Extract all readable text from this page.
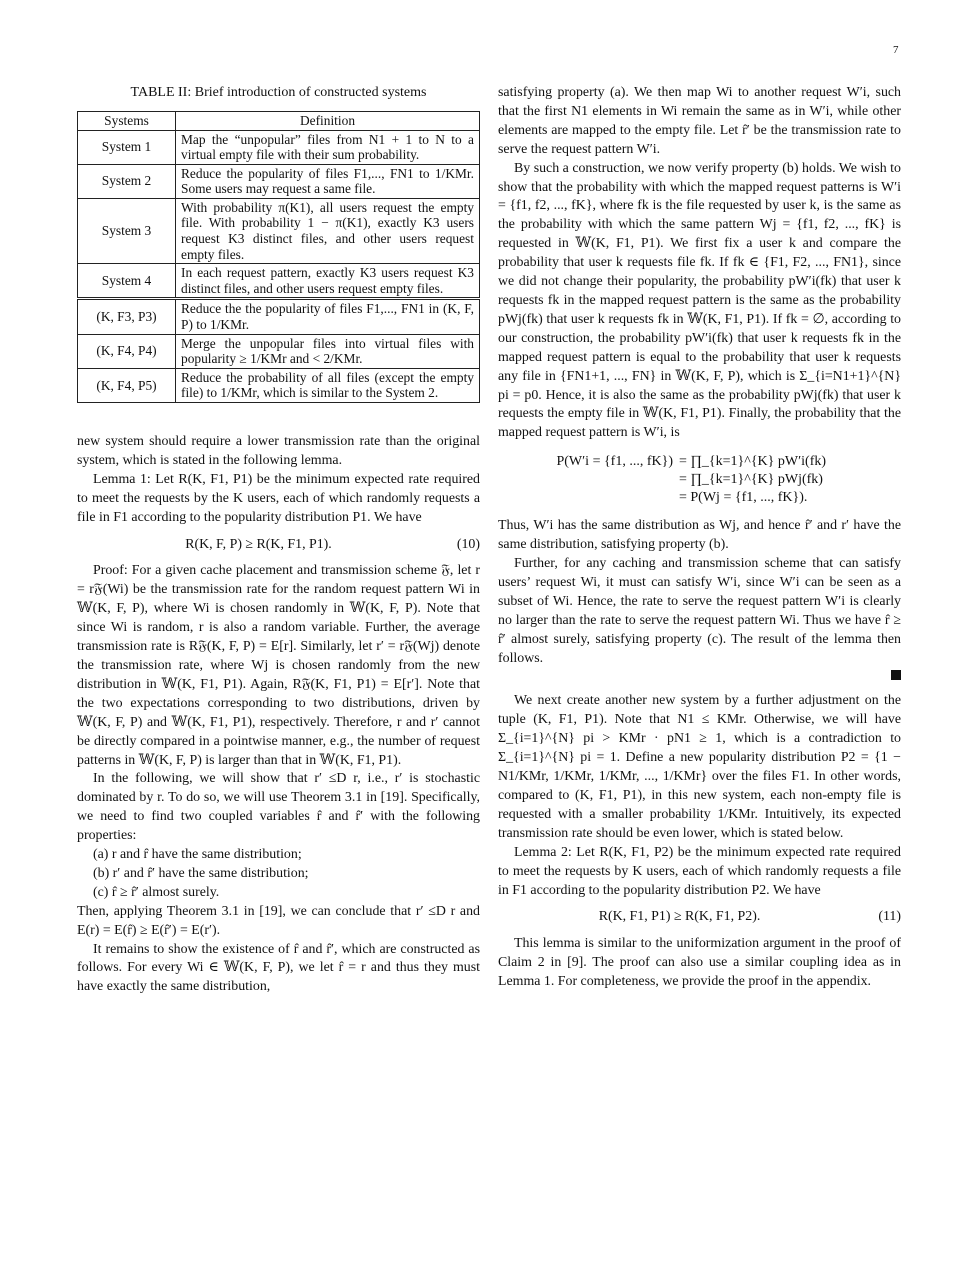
7

TABLE II: Brief introduction of constructed systems

Systems	Definition
System 1	Map the “unpopular” files from N1 + 1 to N to a virtual empty file with their sum probability.
System 2	Reduce the popularity of files F1,..., FN1 to 1/KMr. Some users may request a same file.
System 3	With probability π(K1), all users request the empty file. With probability 1 − π(K1), exactly K3 users request K3 distinct files, and other users request empty files.
System 4	In each request pattern, exactly K3 users request K3 distinct files, and other users request empty files.
(K, F3, P3)	Reduce the the popularity of files F1,..., FN1 in (K, F, P) to 1/KMr.
(K, F4, P4)	Merge the unpopular files into virtual files with popularity ≥ 1/KMr and < 2/KMr.
(K, F4, P5)	Reduce the probability of all files (except the empty file) to 1/KMr, which is similar to the System 2.

new system should require a lower transmission rate than the original system, which is stated in the following lemma.

Lemma 1: Let R(K, F1, P1) be the minimum expected rate required to meet the requests by the K users, each of which randomly requests a file in F1 according to the popularity distribution P1. We have

R(K, F, P) ≥ R(K, F1, P1).	(10)

Proof: For a given cache placement and transmission scheme 𝔉, let r = r𝔉(Wi) be the transmission rate for the random request pattern Wi in 𝕎(K, F, P), where Wi is chosen randomly in 𝕎(K, F, P). Note that since Wi is random, r is also a random variable. Further, the average transmission rate is R𝔉(K, F, P) = E[r]. Similarly, let r′ = r𝔉(Wj) denote the transmission rate, where Wj is chosen randomly from the new distribution in 𝕎(K, F1, P1). Again, R𝔉(K, F1, P1) = E[r′]. Note that the two expectations corresponding to two distributions, driven by 𝕎(K, F, P) and 𝕎(K, F1, P1), respectively. Therefore, r and r′ cannot be directly compared in a pointwise manner, e.g., the number of request patterns in 𝕎(K, F, P) is larger than that in 𝕎(K, F1, P1).

In the following, we will show that r′ ≤D r, i.e., r′ is stochastic dominated by r. To do so, we will use Theorem 3.1 in [19]. Specifically, we need to find two coupled variables r̂ and r̂′ with the following properties:

(a) r and r̂ have the same distribution;

(b) r′ and r̂′ have the same distribution;

(c) r̂ ≥ r̂′ almost surely.

Then, applying Theorem 3.1 in [19], we can conclude that r′ ≤D r and E(r) = E(r̂) ≥ E(r̂′) = E(r′).

It remains to show the existence of r̂ and r̂′, which are constructed as follows. For every Wi ∈ 𝕎(K, F, P), we let r̂ = r and thus they must have exactly the same distribution,

satisfying property (a). We then map Wi to another request W′i, such that the first N1 elements in Wi remain the same as in W′i, while other elements are mapped to the empty file. Let r̂′ be the transmission rate to serve the request pattern W′i.

By such a construction, we now verify property (b) holds. We wish to show that the probability with which the mapped request patterns is W′i = {f1, f2, ..., fK}, where fk is the file requested by user k, is the same as the probability with which the same pattern Wj = {f1, f2, ..., fK} is requested in 𝕎(K, F1, P1). We first fix a user k and compare the probability that user k requests file fk. If fk ∈ {F1, F2, ..., FN1}, since we did not change their popularity, the probability pW′i(fk) that user k requests fk in the mapped request pattern is the same as the probability pWj(fk) that user k requests fk in 𝕎(K, F1, P1). If fk = ∅, according to our construction, the probability pW′i(fk) that user k requests fk in the mapped request pattern is equal to the probability that user k requests any file in {FN1+1, ..., FN} in 𝕎(K, F, P), which is Σ_{i=N1+1}^{N} pi = p0. Hence, it is also the same as the probability pWj(fk) that user k requests the empty file in 𝕎(K, F1, P1). Finally, the probability that the mapped request pattern is W′i, is

P(W′i = {f1, ..., fK}) = ∏_{k=1}^{K} pW′i(fk)
= ∏_{k=1}^{K} pWj(fk)
= P(Wj = {f1, ..., fK}).

Thus, W′i has the same distribution as Wj, and hence r̂′ and r′ have the same distribution, satisfying property (b).

Further, for any caching and transmission scheme that can satisfy users’ request Wi, it must can satisfy W′i, since W′i can be seen as a subset of Wi. Hence, the rate to serve the request pattern W′i is clearly no larger than the rate to serve the request pattern Wi. Thus we have r̂ ≥ r̂′ almost surely, satisfying property (c). The result of the lemma then follows.

We next create another new system by a further adjustment on the tuple (K, F1, P1). Note that N1 ≤ KMr. Otherwise, we will have Σ_{i=1}^{N} pi > KMr · pN1 ≥ 1, which is a contradiction to Σ_{i=1}^{N} pi = 1. Define a new popularity distribution P2 = {1 − N1/KMr, 1/KMr, 1/KMr, ..., 1/KMr} over the files F1. In other words, compared to (K, F1, P1), in this new system, each non-empty file is requested with a smaller probability 1/KMr. Intuitively, its expected transmission rate should be even lower, which is stated below.

Lemma 2: Let R(K, F1, P2) be the minimum expected rate required to meet the requests by K users, each of which randomly requests a file in F1 according to the popularity distribution P2. We have

R(K, F1, P1) ≥ R(K, F1, P2).	(11)

This lemma is similar to the uniformization argument in the proof of Claim 2 in [9]. The proof can also use a similar coupling idea as in Lemma 1. For completeness, we provide the proof in the appendix.
